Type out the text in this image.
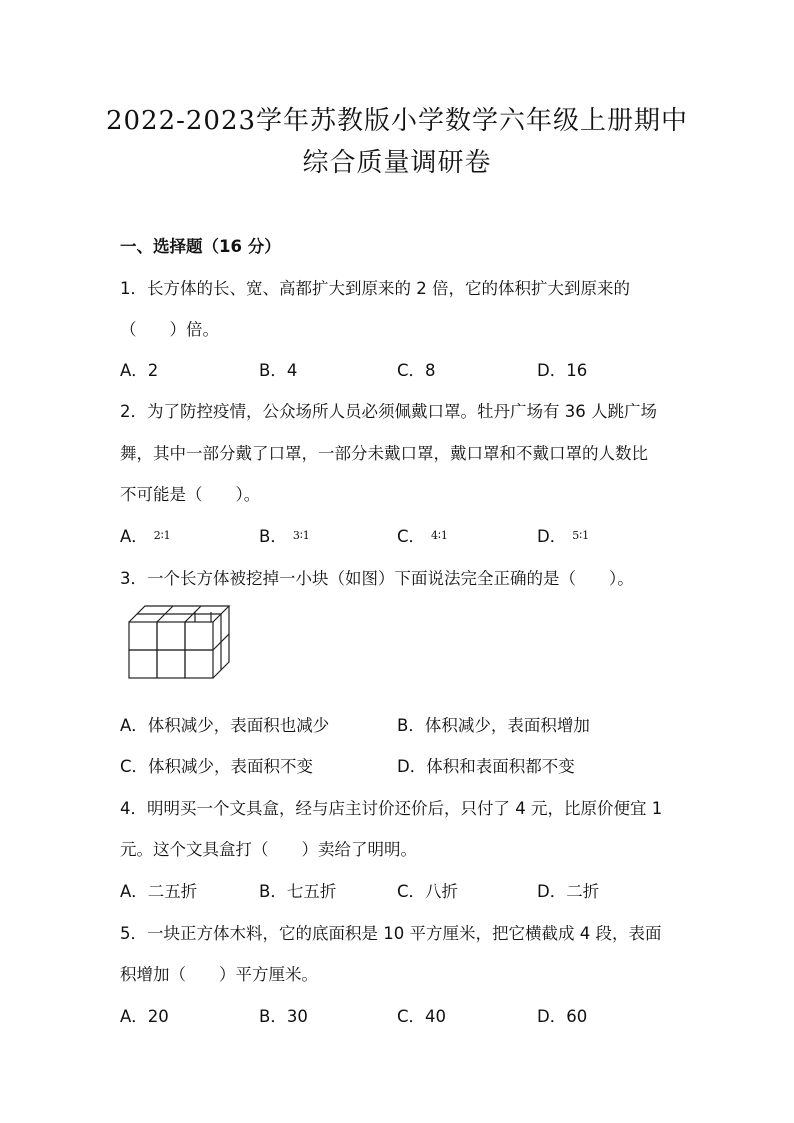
2022-2023学年苏教版小学数学六年级上册期中
综合质量调研卷
一、选择题（16 分）
1．长方体的长、宽、高都扩大到原来的 2 倍，它的体积扩大到原来的
（　　）倍。
A．2	B．4	C．8	D．16
2．为了防控疫情，公众场所人员必须佩戴口罩。牡丹广场有 36 人跳广场
舞，其中一部分戴了口罩，一部分未戴口罩，戴口罩和不戴口罩的人数比
不可能是（　　）。
A． 2∶1	B． 3∶1	C． 4∶1	D． 5∶1
3．一个长方体被挖掉一小块（如图）下面说法完全正确的是（　　）。
A．体积减少，表面积也减少	B．体积减少，表面积增加
C．体积减少，表面积不变	D．体积和表面积都不变
4．明明买一个文具盒，经与店主讨价还价后，只付了 4 元，比原价便宜 1
元。这个文具盒打（　　）卖给了明明。
A．二五折	B．七五折	C．八折	D．二折
5．一块正方体木料，它的底面积是 10 平方厘米，把它横截成 4 段，表面
积增加（　　）平方厘米。
A．20	B．30	C．40	D．60
